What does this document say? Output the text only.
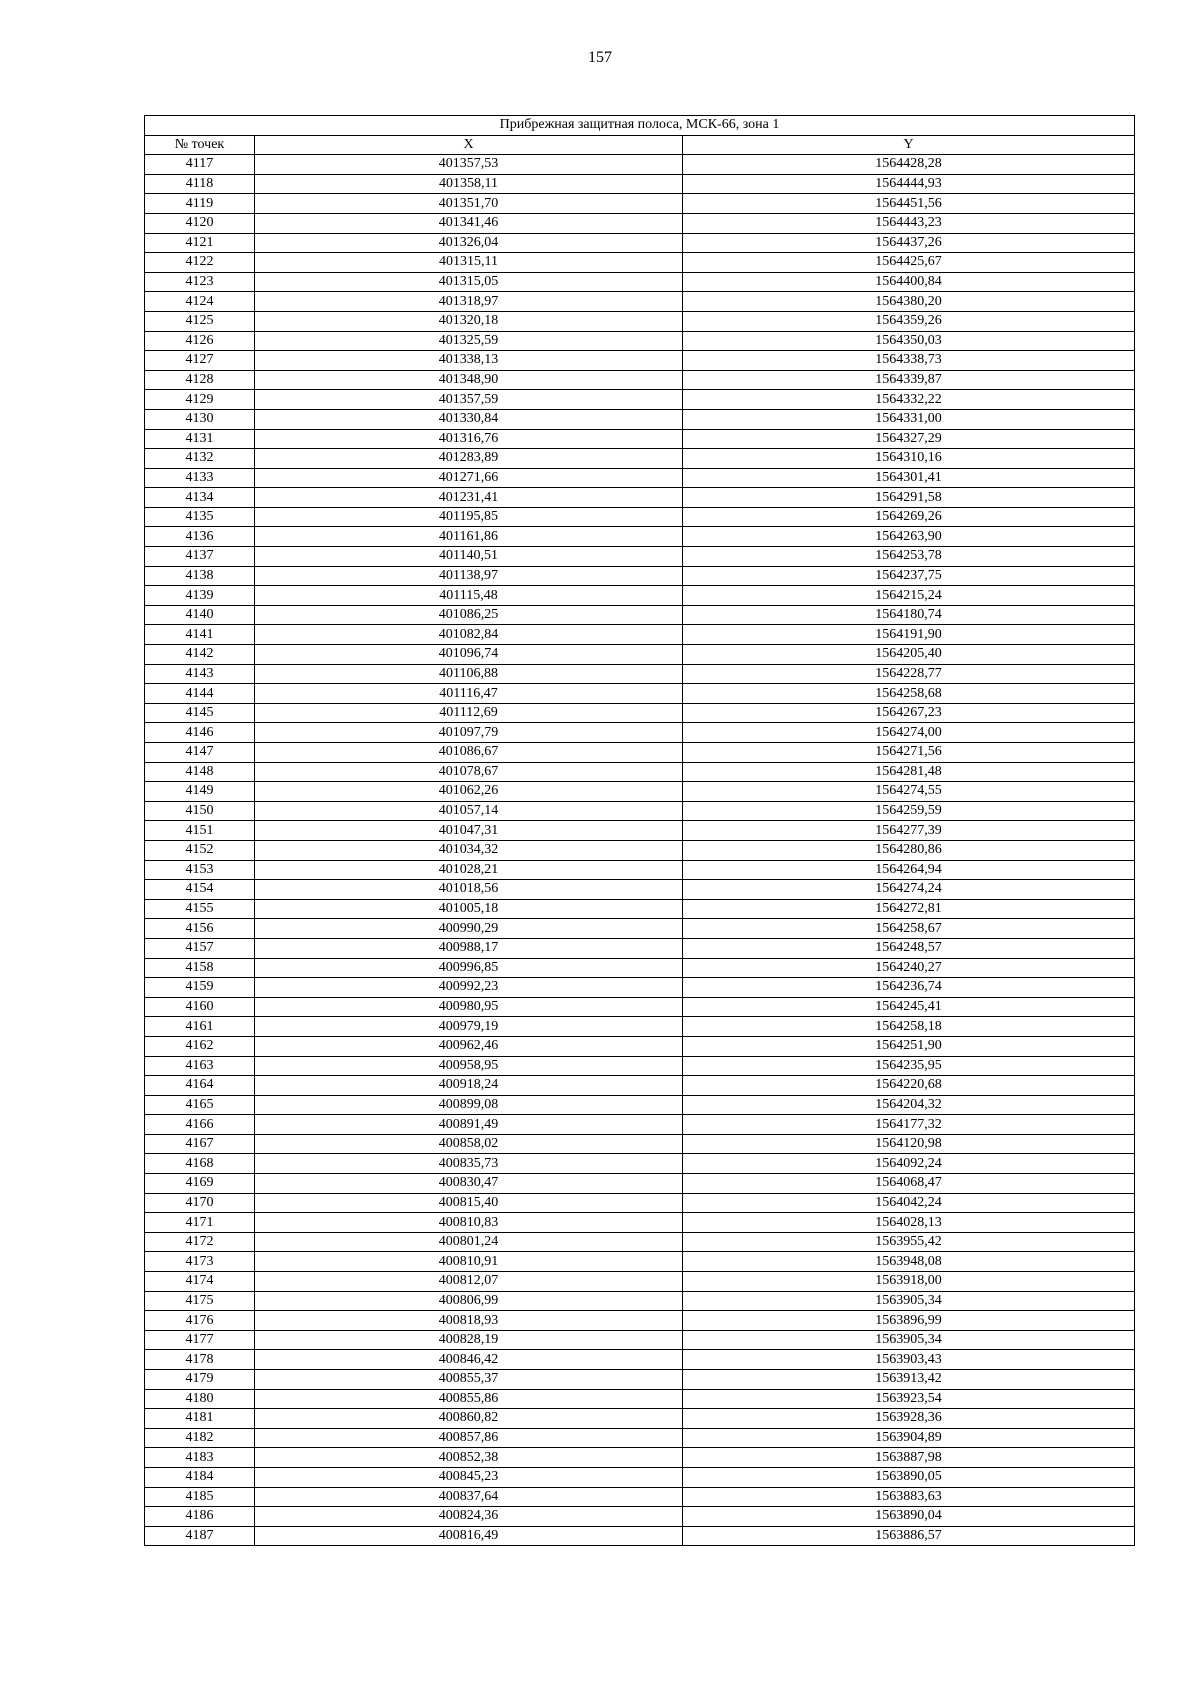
157
Прибрежная защитная полоса, МСК-66, зона 1		
№ точек	X	Y
4117	401357,53	1564428,28
4118	401358,11	1564444,93
4119	401351,70	1564451,56
4120	401341,46	1564443,23
4121	401326,04	1564437,26
4122	401315,11	1564425,67
4123	401315,05	1564400,84
4124	401318,97	1564380,20
4125	401320,18	1564359,26
4126	401325,59	1564350,03
4127	401338,13	1564338,73
4128	401348,90	1564339,87
4129	401357,59	1564332,22
4130	401330,84	1564331,00
4131	401316,76	1564327,29
4132	401283,89	1564310,16
4133	401271,66	1564301,41
4134	401231,41	1564291,58
4135	401195,85	1564269,26
4136	401161,86	1564263,90
4137	401140,51	1564253,78
4138	401138,97	1564237,75
4139	401115,48	1564215,24
4140	401086,25	1564180,74
4141	401082,84	1564191,90
4142	401096,74	1564205,40
4143	401106,88	1564228,77
4144	401116,47	1564258,68
4145	401112,69	1564267,23
4146	401097,79	1564274,00
4147	401086,67	1564271,56
4148	401078,67	1564281,48
4149	401062,26	1564274,55
4150	401057,14	1564259,59
4151	401047,31	1564277,39
4152	401034,32	1564280,86
4153	401028,21	1564264,94
4154	401018,56	1564274,24
4155	401005,18	1564272,81
4156	400990,29	1564258,67
4157	400988,17	1564248,57
4158	400996,85	1564240,27
4159	400992,23	1564236,74
4160	400980,95	1564245,41
4161	400979,19	1564258,18
4162	400962,46	1564251,90
4163	400958,95	1564235,95
4164	400918,24	1564220,68
4165	400899,08	1564204,32
4166	400891,49	1564177,32
4167	400858,02	1564120,98
4168	400835,73	1564092,24
4169	400830,47	1564068,47
4170	400815,40	1564042,24
4171	400810,83	1564028,13
4172	400801,24	1563955,42
4173	400810,91	1563948,08
4174	400812,07	1563918,00
4175	400806,99	1563905,34
4176	400818,93	1563896,99
4177	400828,19	1563905,34
4178	400846,42	1563903,43
4179	400855,37	1563913,42
4180	400855,86	1563923,54
4181	400860,82	1563928,36
4182	400857,86	1563904,89
4183	400852,38	1563887,98
4184	400845,23	1563890,05
4185	400837,64	1563883,63
4186	400824,36	1563890,04
4187	400816,49	1563886,57
